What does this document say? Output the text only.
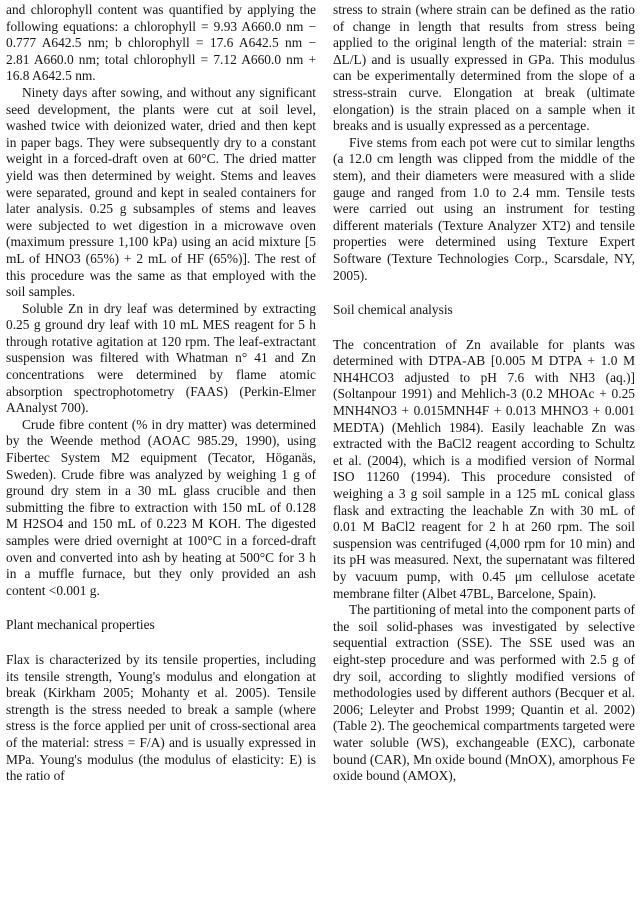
and chlorophyll content was quantified by applying the following equations: a chlorophyll = 9.93 A660.0 nm − 0.777 A642.5 nm; b chlorophyll = 17.6 A642.5 nm − 2.81 A660.0 nm; total chlorophyll = 7.12 A660.0 nm + 16.8 A642.5 nm.

Ninety days after sowing, and without any significant seed development, the plants were cut at soil level, washed twice with deionized water, dried and then kept in paper bags. They were subsequently dry to a constant weight in a forced-draft oven at 60°C. The dried matter yield was then determined by weight. Stems and leaves were separated, ground and kept in sealed containers for later analysis. 0.25 g subsamples of stems and leaves were subjected to wet digestion in a microwave oven (maximum pressure 1,100 kPa) using an acid mixture [5 mL of HNO3 (65%) + 2 mL of HF (65%)]. The rest of this procedure was the same as that employed with the soil samples.

Soluble Zn in dry leaf was determined by extracting 0.25 g ground dry leaf with 10 mL MES reagent for 5 h through rotative agitation at 120 rpm. The leaf-extractant suspension was filtered with Whatman n° 41 and Zn concentrations were determined by flame atomic absorption spectrophotometry (FAAS) (Perkin-Elmer AAnalyst 700).

Crude fibre content (% in dry matter) was determined by the Weende method (AOAC 985.29, 1990), using Fibertec System M2 equipment (Tecator, Höganäs, Sweden). Crude fibre was analyzed by weighing 1 g of ground dry stem in a 30 mL glass crucible and then submitting the fibre to extraction with 150 mL of 0.128 M H2SO4 and 150 mL of 0.223 M KOH. The digested samples were dried overnight at 100°C in a forced-draft oven and converted into ash by heating at 500°C for 3 h in a muffle furnace, but they only provided an ash content <0.001 g.

Plant mechanical properties

Flax is characterized by its tensile properties, including its tensile strength, Young's modulus and elongation at break (Kirkham 2005; Mohanty et al. 2005). Tensile strength is the stress needed to break a sample (where stress is the force applied per unit of cross-sectional area of the material: stress = F/A) and is usually expressed in MPa. Young's modulus (the modulus of elasticity: E) is the ratio of

stress to strain (where strain can be defined as the ratio of change in length that results from stress being applied to the original length of the material: strain = ΔL/L) and is usually expressed in GPa. This modulus can be experimentally determined from the slope of a stress-strain curve. Elongation at break (ultimate elongation) is the strain placed on a sample when it breaks and is usually expressed as a percentage.

Five stems from each pot were cut to similar lengths (a 12.0 cm length was clipped from the middle of the stem), and their diameters were measured with a slide gauge and ranged from 1.0 to 2.4 mm. Tensile tests were carried out using an instrument for testing different materials (Texture Analyzer XT2) and tensile properties were determined using Texture Expert Software (Texture Technologies Corp., Scarsdale, NY, 2005).

Soil chemical analysis

The concentration of Zn available for plants was determined with DTPA-AB [0.005 M DTPA + 1.0 M NH4HCO3 adjusted to pH 7.6 with NH3 (aq.)] (Soltanpour 1991) and Mehlich-3 (0.2 MHOAc + 0.25 MNH4NO3 + 0.015MNH4F + 0.013 MHNO3 + 0.001 MEDTA) (Mehlich 1984). Easily leachable Zn was extracted with the BaCl2 reagent according to Schultz et al. (2004), which is a modified version of Normal ISO 11260 (1994). This procedure consisted of weighing a 3 g soil sample in a 125 mL conical glass flask and extracting the leachable Zn with 30 mL of 0.01 M BaCl2 reagent for 2 h at 260 rpm. The soil suspension was centrifuged (4,000 rpm for 10 min) and its pH was measured. Next, the supernatant was filtered by vacuum pump, with 0.45 μm cellulose acetate membrane filter (Albet 47BL, Barcelone, Spain).

The partitioning of metal into the component parts of the soil solid-phases was investigated by selective sequential extraction (SSE). The SSE used was an eight-step procedure and was performed with 2.5 g of dry soil, according to slightly modified versions of methodologies used by different authors (Becquer et al. 2006; Leleyter and Probst 1999; Quantin et al. 2002) (Table 2). The geochemical compartments targeted were water soluble (WS), exchangeable (EXC), carbonate bound (CAR), Mn oxide bound (MnOX), amorphous Fe oxide bound (AMOX),
